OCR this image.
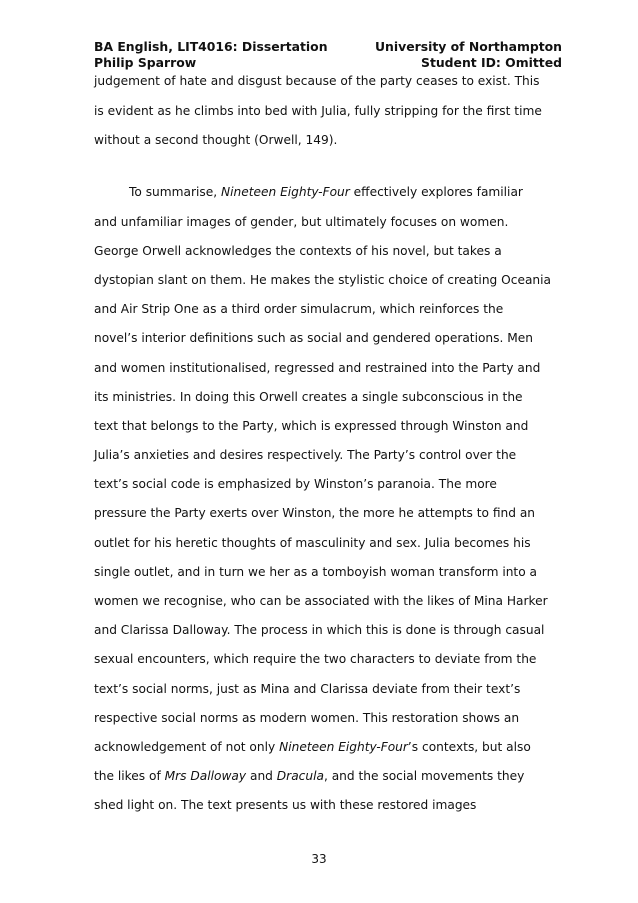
BA English, LIT4016: Dissertation	University of Northampton
Philip Sparrow	Student ID: Omitted
judgement of hate and disgust because of the party ceases to exist. This
is evident as he climbs into bed with Julia, fully stripping for the first time
without a second thought (Orwell, 149).
To summarise, Nineteen Eighty-Four effectively explores familiar
and unfamiliar images of gender, but ultimately focuses on women.
George Orwell acknowledges the contexts of his novel, but takes a
dystopian slant on them. He makes the stylistic choice of creating Oceania
and Air Strip One as a third order simulacrum, which reinforces the
novel’s interior definitions such as social and gendered operations. Men
and women institutionalised, regressed and restrained into the Party and
its ministries. In doing this Orwell creates a single subconscious in the
text that belongs to the Party, which is expressed through Winston and
Julia’s anxieties and desires respectively. The Party’s control over the
text’s social code is emphasized by Winston’s paranoia. The more
pressure the Party exerts over Winston, the more he attempts to find an
outlet for his heretic thoughts of masculinity and sex. Julia becomes his
single outlet, and in turn we her as a tomboyish woman transform into a
women we recognise, who can be associated with the likes of Mina Harker
and Clarissa Dalloway. The process in which this is done is through casual
sexual encounters, which require the two characters to deviate from the
text’s social norms, just as Mina and Clarissa deviate from their text’s
respective social norms as modern women. This restoration shows an
acknowledgement of not only Nineteen Eighty-Four’s contexts, but also
the likes of Mrs Dalloway and Dracula, and the social movements they
shed light on. The text presents us with these restored images
33
